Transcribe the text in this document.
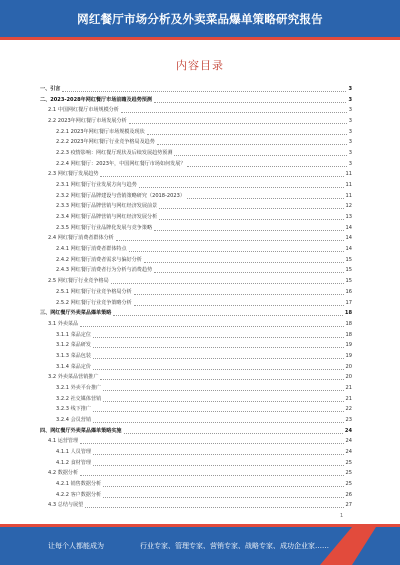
网红餐厅市场分析及外卖菜品爆单策略研究报告
内容目录
一、引言	3
二、2023-2028年网红餐厅市场前瞻及趋势预测	3
2.1 中国网红餐厅市场规模分析	3
2.2 2023年网红餐厅市场发展分析	3
2.2.1 2023年网红餐厅市场规模及现状	3
2.2.2 2023年网红餐厅行业竞争格局及趋势	3
2.2.3 疫情影响：网红餐厅现状及后续发展趋势预测	3
2.2.4 网红餐厅：2023年，中国网红餐厅市场如何发展？	3
2.3 网红餐厅发展趋势	11
2.3.1 网红餐厅行业发展方向与趋势	11
2.3.2 网红餐厅品牌建设与营销策略研究（2018-2023）	11
2.3.3 网红餐厅品牌营销与网红经济发展前景	12
2.3.4 网红餐厅品牌营销与网红经济发展分析	13
2.3.5 网红餐厅行业品牌化发展与竞争策略	14
2.4 网红餐厅消费者群体分析	14
2.4.1 网红餐厅消费者群体特点	14
2.4.2 网红餐厅消费者需求与偏好分析	15
2.4.3 网红餐厅消费者行为分析与消费趋势	15
2.5 网红餐厅行业竞争格局	15
2.5.1 网红餐厅行业竞争格局分析	16
2.5.2 网红餐厅行业竞争策略分析	17
三、网红餐厅外卖菜品爆单策略	18
3.1 外卖菜品	18
3.1.1 菜品定位	18
3.1.2 菜品研发	19
3.1.3 菜品包装	19
3.1.4 菜品定价	20
3.2 外卖菜品营销推广	20
3.2.1 外卖平台推广	21
3.2.2 社交媒体营销	21
3.2.3 线下推广	22
3.2.4 会员营销	23
四、网红餐厅外卖菜品爆单策略实施	24
4.1 运营管理	24
4.1.1 人员管理	24
4.1.2 食材管理	25
4.2 数据分析	25
4.2.1 销售数据分析	25
4.2.2 客户数据分析	26
4.3 总结与展望	27
1
让每个人都能成为	行业专家、管理专家、营销专家、战略专家、成功企业家……
